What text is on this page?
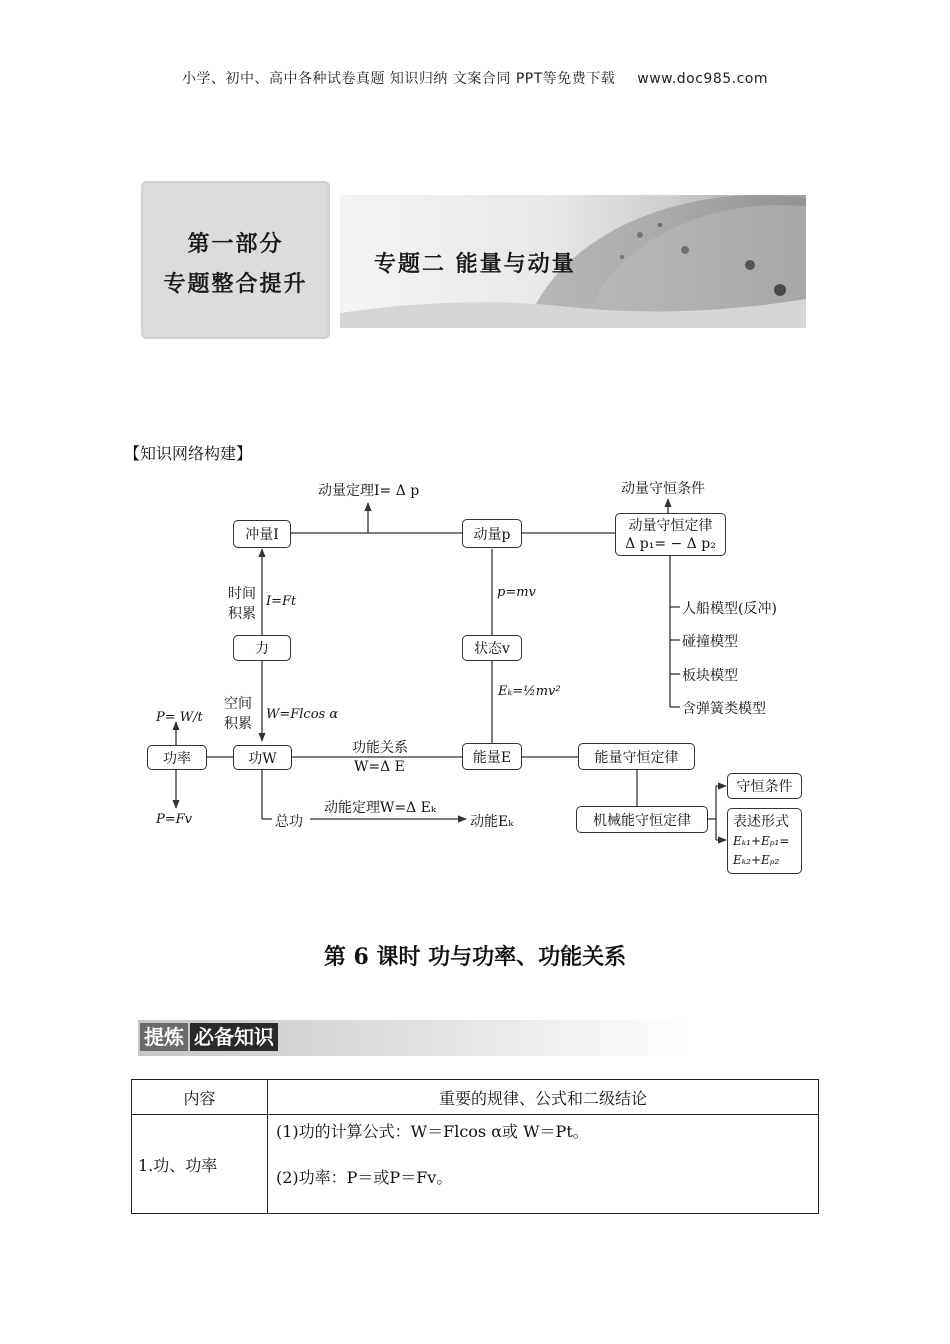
小学、初中、高中各种试卷真题 知识归纳 文案合同 PPT等免费下载 www.doc985.com
第一部分
专题整合提升
专题二 能量与动量
【知识网络构建】
动量定理I= Δ p	动量守恒条件
冲量I	动量p
动量守恒定律
Δ p₁= − Δ p₂
时间
积累
I=Ft
p=mv
人船模型(反冲)
碰撞模型
板块模型
含弹簧类模型
力	状态v
空间
积累
W=Flcos α
Eₖ=½mv²
P= W/t
功率	功W
功能关系
W=Δ E
能量E	能量守恒定律
P=Fv	总功
动能定理W=Δ Eₖ
动能Eₖ	机械能守恒定律
守恒条件
表述形式
Eₖ₁+Eₚ₁=
Eₖ₂+Eₚ₂
第 6 课时 功与功率、功能关系
提炼 必备知识
内容	重要的规律、公式和二级结论
1.功、功率	(1)功的计算公式：W＝Flcos α或 W＝Pt。
(2)功率：P＝或P＝Fv。
